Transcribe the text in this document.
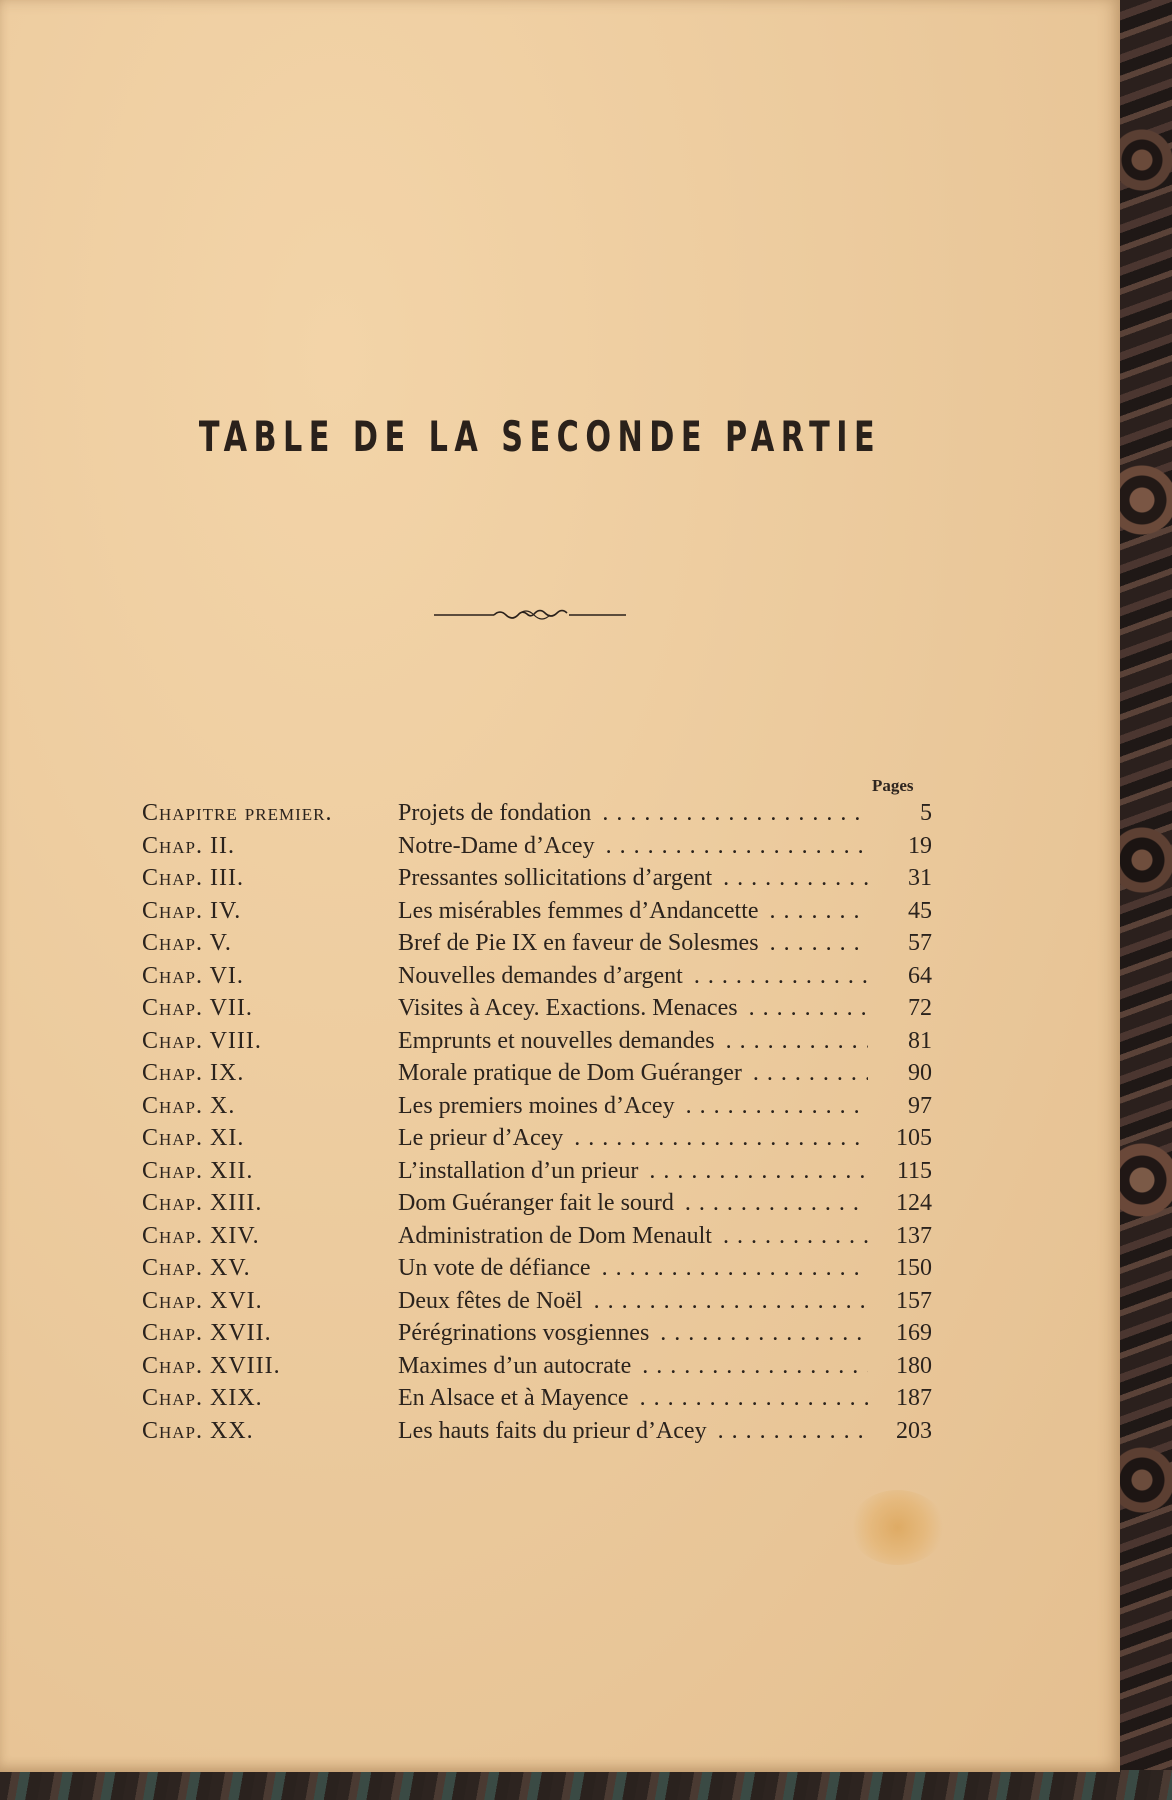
TABLE DE LA SECONDE PARTIE
Pages
Chapitre premier.	Projets de fondation . . .	5
Chap. II.	Notre-Dame d’Acey . . .	19
Chap. III.	Pressantes sollicitations d’argent . . .	31
Chap. IV.	Les misérables femmes d’Andancette . . .	45
Chap. V.	Bref de Pie IX en faveur de Solesmes . . .	57
Chap. VI.	Nouvelles demandes d’argent . . .	64
Chap. VII.	Visites à Acey. Exactions. Menaces . . .	72
Chap. VIII.	Emprunts et nouvelles demandes . . .	81
Chap. IX.	Morale pratique de Dom Guéranger . . .	90
Chap. X.	Les premiers moines d’Acey . . .	97
Chap. XI.	Le prieur d’Acey . . .	105
Chap. XII.	L’installation d’un prieur . . .	115
Chap. XIII.	Dom Guéranger fait le sourd . . .	124
Chap. XIV.	Administration de Dom Menault . . .	137
Chap. XV.	Un vote de défiance . . .	150
Chap. XVI.	Deux fêtes de Noël . . .	157
Chap. XVII.	Pérégrinations vosgiennes . . .	169
Chap. XVIII.	Maximes d’un autocrate . . .	180
Chap. XIX.	En Alsace et à Mayence . . .	187
Chap. XX.	Les hauts faits du prieur d’Acey . . .	203
